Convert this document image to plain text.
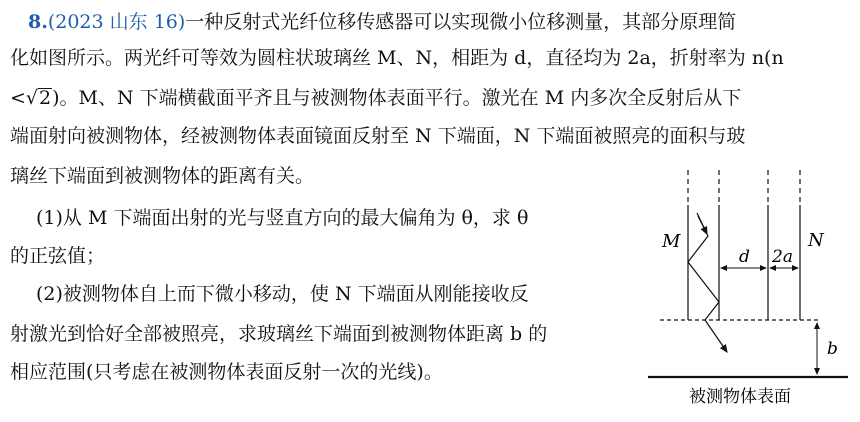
8.(2023 山东 16)一种反射式光纤位移传感器可以实现微小位移测量，其部分原理简
化如图所示。两光纤可等效为圆柱状玻璃丝 M、N，相距为 d，直径均为 2a，折射率为 n(n
<√2)。M、N 下端横截面平齐且与被测物体表面平行。激光在 M 内多次全反射后从下
端面射向被测物体，经被测物体表面镜面反射至 N 下端面，N 下端面被照亮的面积与玻
璃丝下端面到被测物体的距离有关。
(1)从 M 下端面出射的光与竖直方向的最大偏角为 θ，求 θ
的正弦值；
(2)被测物体自上而下微小移动，使 N 下端面从刚能接收反
射激光到恰好全部被照亮，求玻璃丝下端面到被测物体距离 b 的
相应范围(只考虑在被测物体表面反射一次的光线)。
M	N
d 2a
b
被测物体表面
